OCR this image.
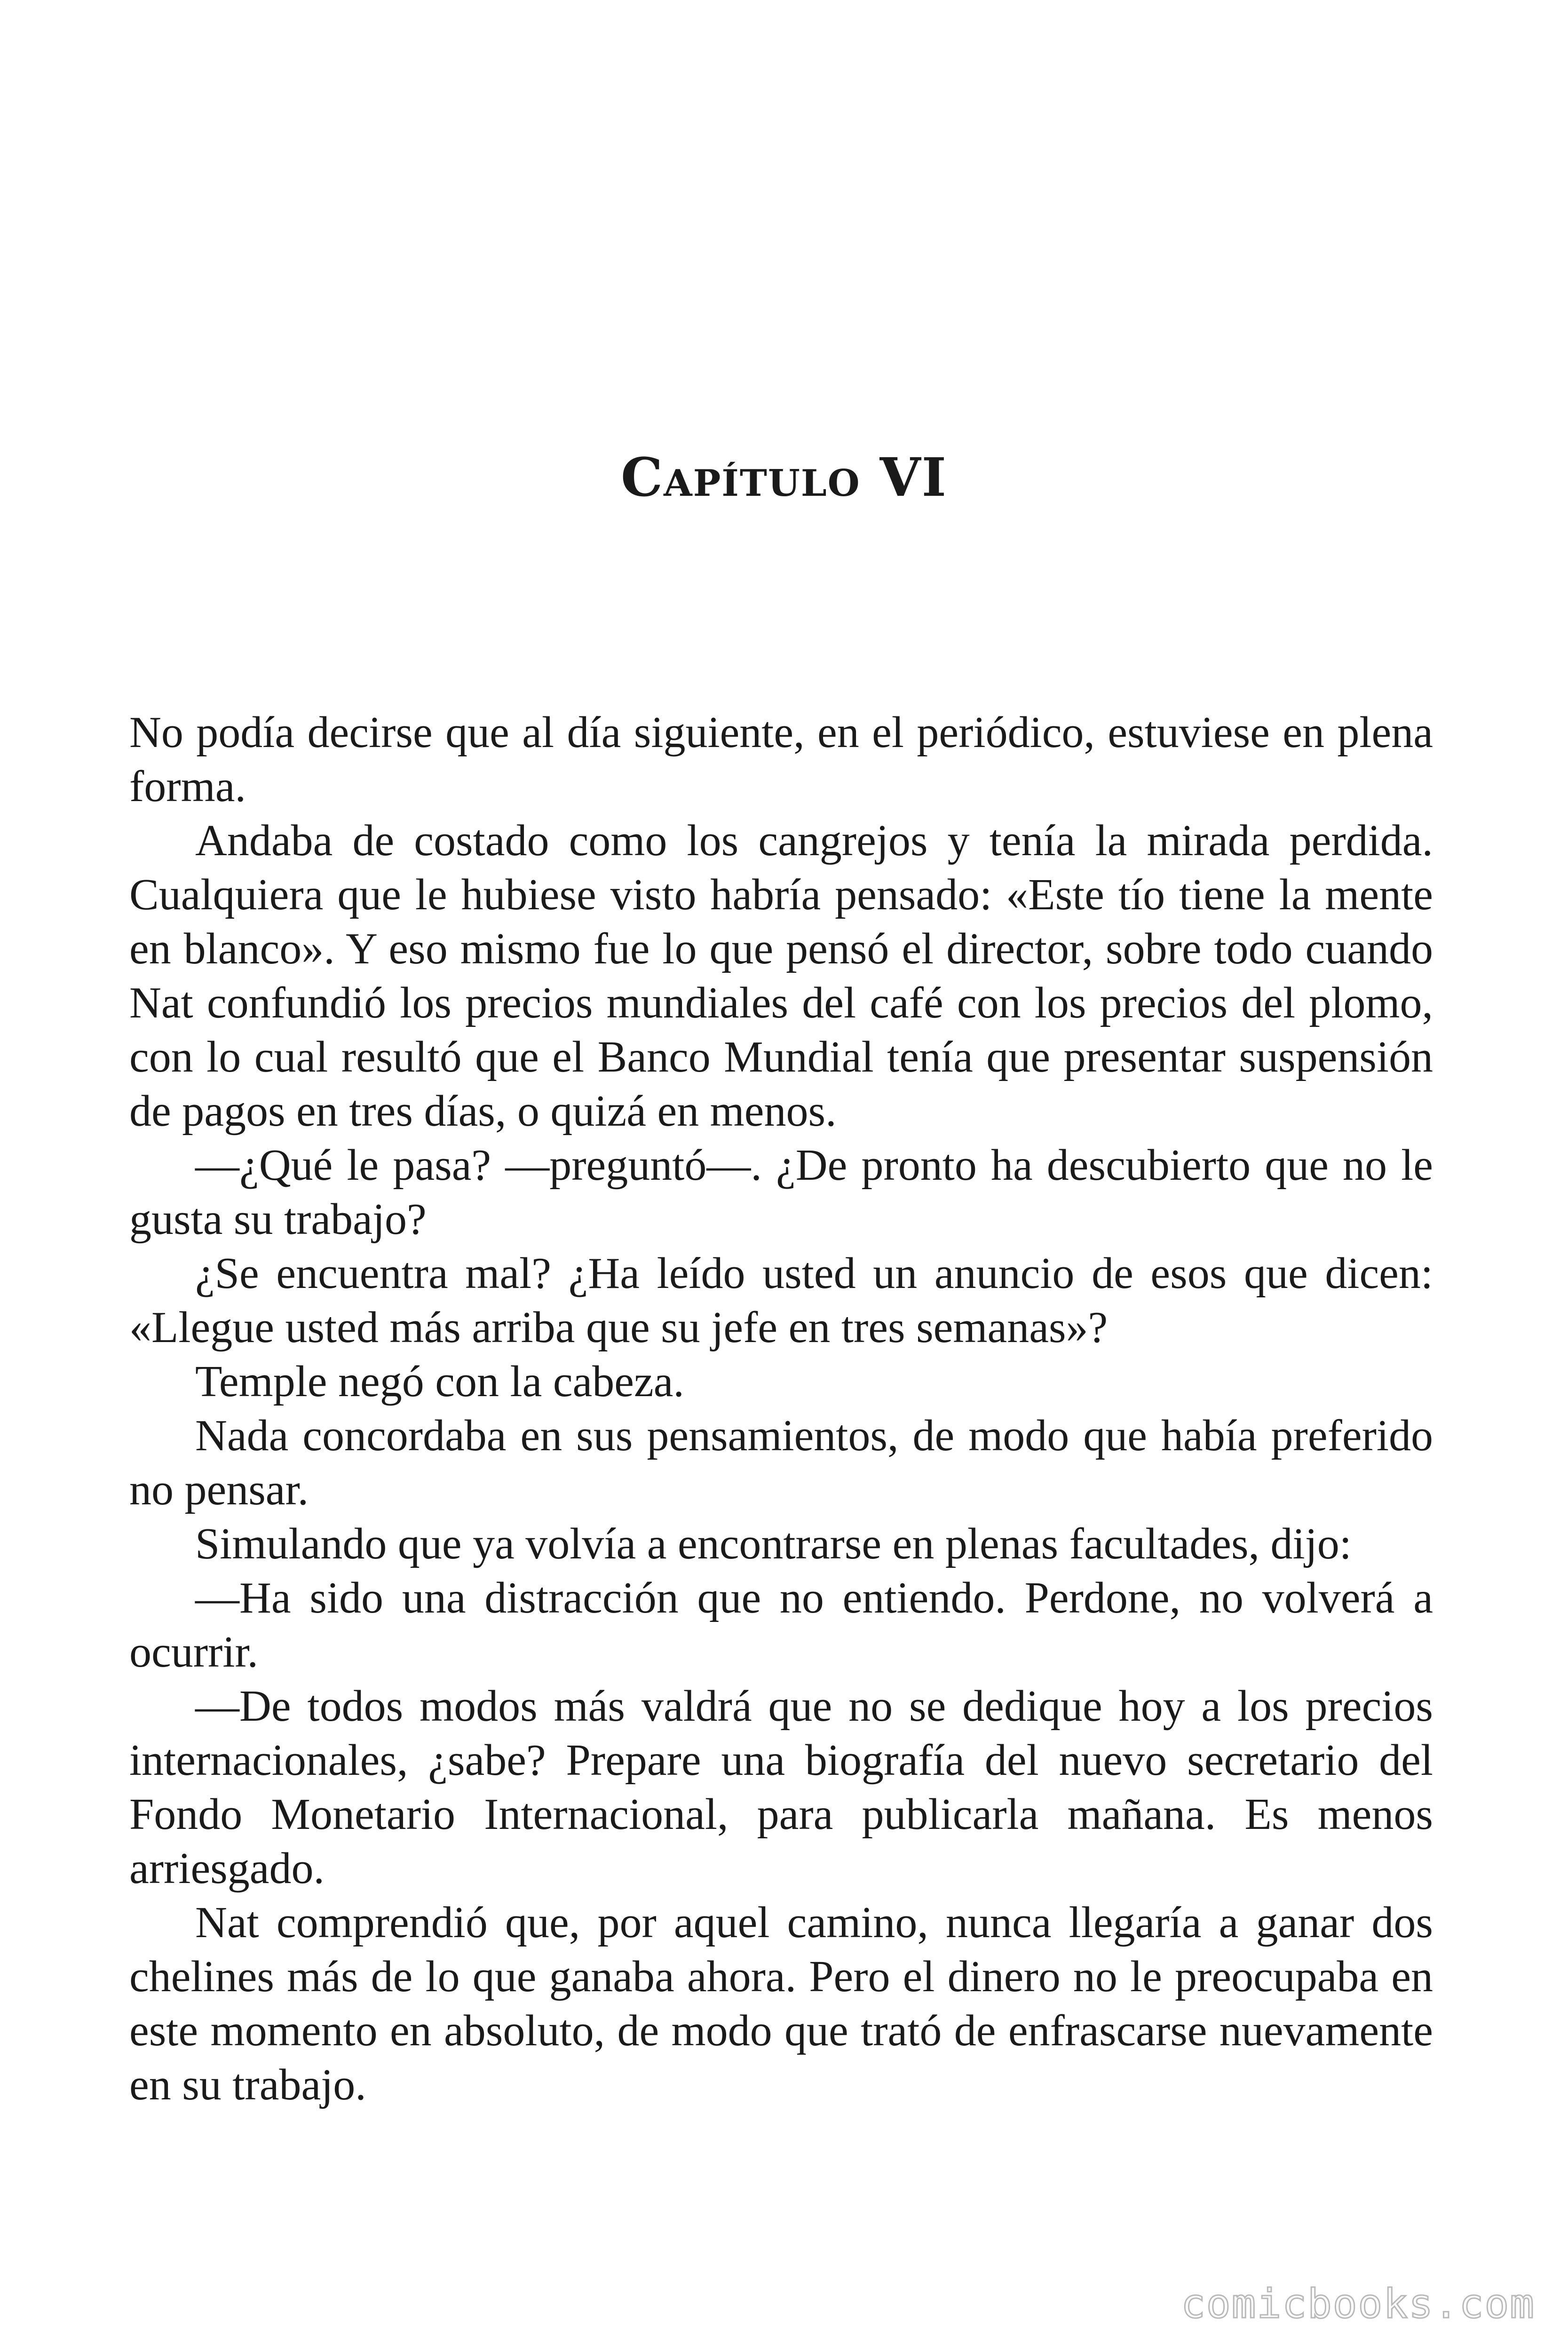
Capítulo VI

No podía decirse que al día siguiente, en el periódico, estuviese en plena forma.

Andaba de costado como los cangrejos y tenía la mirada perdida. Cualquiera que le hubiese visto habría pensado: «Este tío tiene la mente en blanco». Y eso mismo fue lo que pensó el director, sobre todo cuando Nat confundió los precios mundiales del café con los precios del plomo, con lo cual resultó que el Banco Mundial tenía que presentar suspensión de pagos en tres días, o quizá en menos.

—¿Qué le pasa? —preguntó—. ¿De pronto ha descubierto que no le gusta su trabajo?

¿Se encuentra mal? ¿Ha leído usted un anuncio de esos que dicen: «Llegue usted más arriba que su jefe en tres semanas»?

Temple negó con la cabeza.

Nada concordaba en sus pensamientos, de modo que había preferido no pensar.

Simulando que ya volvía a encontrarse en plenas facultades, dijo:

—Ha sido una distracción que no entiendo. Perdone, no volverá a ocurrir.

—De todos modos más valdrá que no se dedique hoy a los precios internacionales, ¿sabe? Prepare una biografía del nuevo secretario del Fondo Monetario Internacional, para publicarla mañana. Es menos arriesgado.

Nat comprendió que, por aquel camino, nunca llegaría a ganar dos chelines más de lo que ganaba ahora. Pero el dinero no le preocupaba en este momento en absoluto, de modo que trató de enfrascarse nuevamente en su trabajo.

comicbooks.com
